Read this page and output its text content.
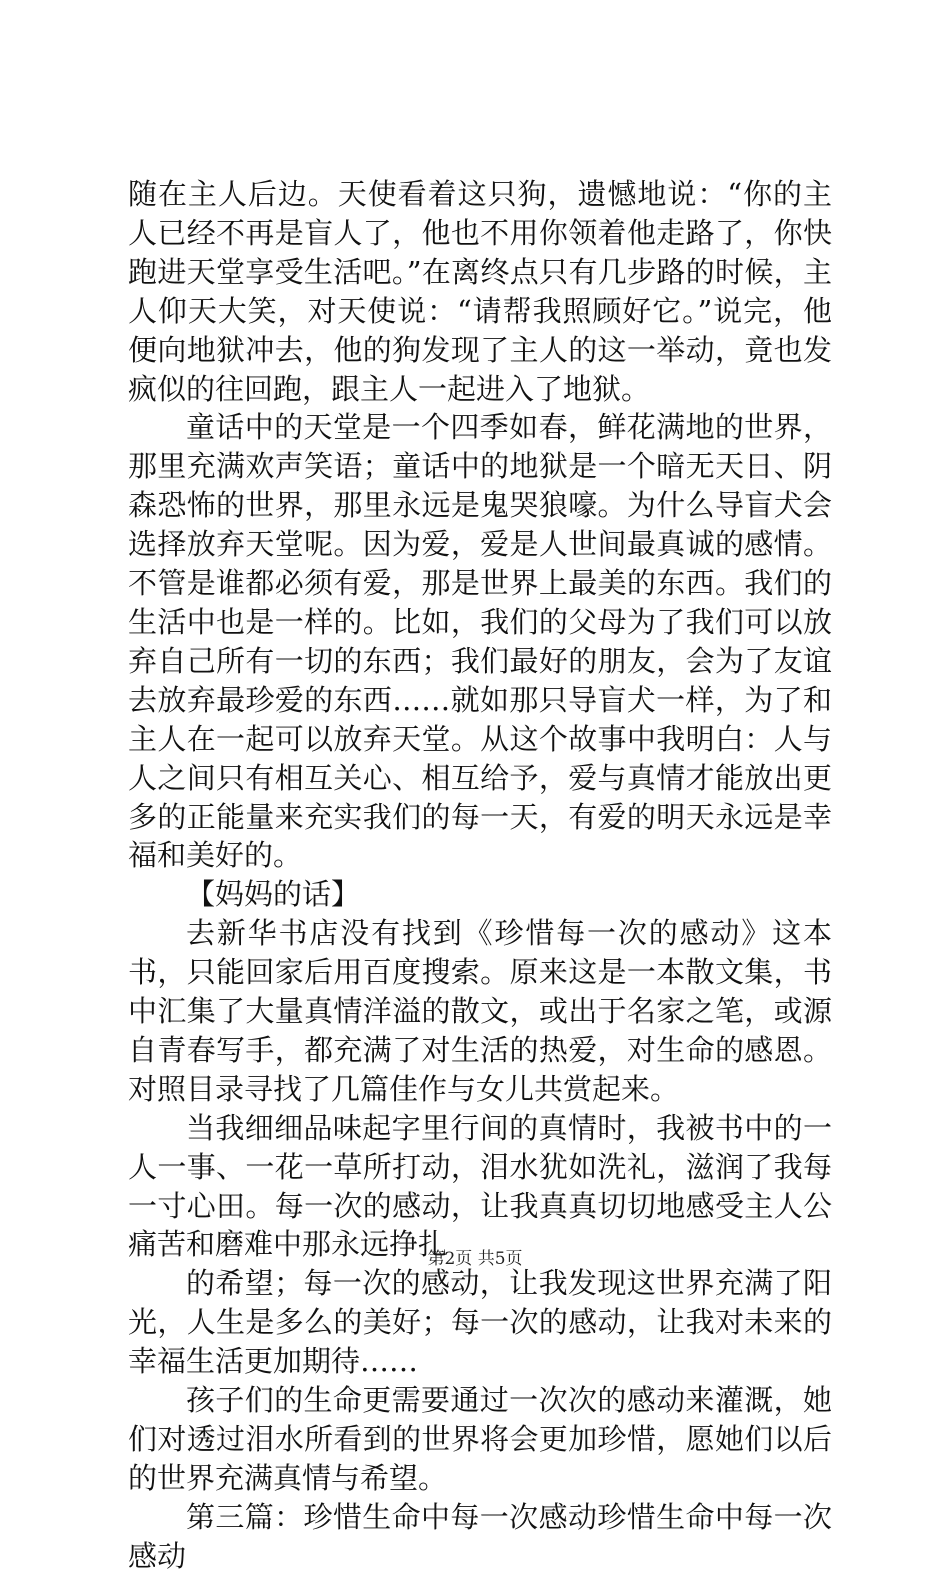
随在主人后边。天使看着这只狗，遗憾地说：“你的主人已经不再是盲人了，他也不用你领着他走路了，你快跑进天堂享受生活吧。”在离终点只有几步路的时候，主人仰天大笑，对天使说：“请帮我照顾好它。”说完，他便向地狱冲去，他的狗发现了主人的这一举动，竟也发疯似的往回跑，跟主人一起进入了地狱。

童话中的天堂是一个四季如春，鲜花满地的世界，那里充满欢声笑语；童话中的地狱是一个暗无天日、阴森恐怖的世界，那里永远是鬼哭狼嚎。为什么导盲犬会选择放弃天堂呢。因为爱，爱是人世间最真诚的感情。不管是谁都必须有爱，那是世界上最美的东西。我们的生活中也是一样的。比如，我们的父母为了我们可以放弃自己所有一切的东西；我们最好的朋友，会为了友谊去放弃最珍爱的东西……就如那只导盲犬一样，为了和主人在一起可以放弃天堂。从这个故事中我明白：人与人之间只有相互关心、相互给予，爱与真情才能放出更多的正能量来充实我们的每一天，有爱的明天永远是幸福和美好的。

【妈妈的话】

去新华书店没有找到《珍惜每一次的感动》这本书，只能回家后用百度搜索。原来这是一本散文集，书中汇集了大量真情洋溢的散文，或出于名家之笔，或源自青春写手，都充满了对生活的热爱，对生命的感恩。对照目录寻找了几篇佳作与女儿共赏起来。

当我细细品味起字里行间的真情时，我被书中的一人一事、一花一草所打动，泪水犹如洗礼，滋润了我每一寸心田。每一次的感动，让我真真切切地感受主人公痛苦和磨难中那永远挣扎

的希望；每一次的感动，让我发现这世界充满了阳光，人生是多么的美好；每一次的感动，让我对未来的幸福生活更加期待……

孩子们的生命更需要通过一次次的感动来灌溉，她们对透过泪水所看到的世界将会更加珍惜，愿她们以后的世界充满真情与希望。

第三篇：珍惜生命中每一次感动珍惜生命中每一次感动

第2页 共5页
